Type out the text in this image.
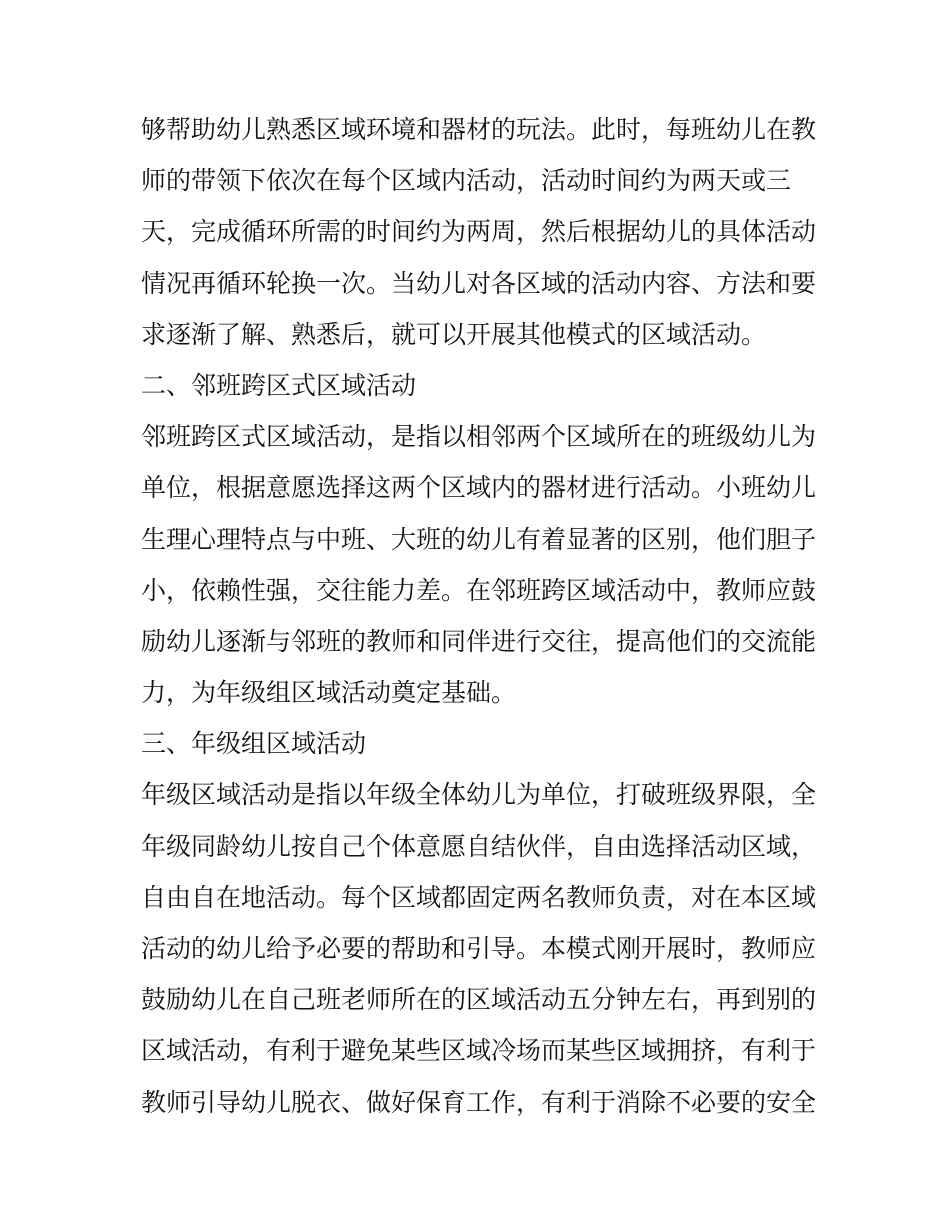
够帮助幼儿熟悉区域环境和器材的玩法。此时，每班幼儿在教
师的带领下依次在每个区域内活动，活动时间约为两天或三
天，完成循环所需的时间约为两周，然后根据幼儿的具体活动
情况再循环轮换一次。当幼儿对各区域的活动内容、方法和要
求逐渐了解、熟悉后，就可以开展其他模式的区域活动。
二、邻班跨区式区域活动
邻班跨区式区域活动，是指以相邻两个区域所在的班级幼儿为
单位，根据意愿选择这两个区域内的器材进行活动。小班幼儿
生理心理特点与中班、大班的幼儿有着显著的区别，他们胆子
小，依赖性强，交往能力差。在邻班跨区域活动中，教师应鼓
励幼儿逐渐与邻班的教师和同伴进行交往，提高他们的交流能
力，为年级组区域活动奠定基础。
三、年级组区域活动
年级区域活动是指以年级全体幼儿为单位，打破班级界限，全
年级同龄幼儿按自己个体意愿自结伙伴，自由选择活动区域，
自由自在地活动。每个区域都固定两名教师负责，对在本区域
活动的幼儿给予必要的帮助和引导。本模式刚开展时，教师应
鼓励幼儿在自己班老师所在的区域活动五分钟左右，再到别的
区域活动，有利于避免某些区域冷场而某些区域拥挤，有利于
教师引导幼儿脱衣、做好保育工作，有利于消除不必要的安全
